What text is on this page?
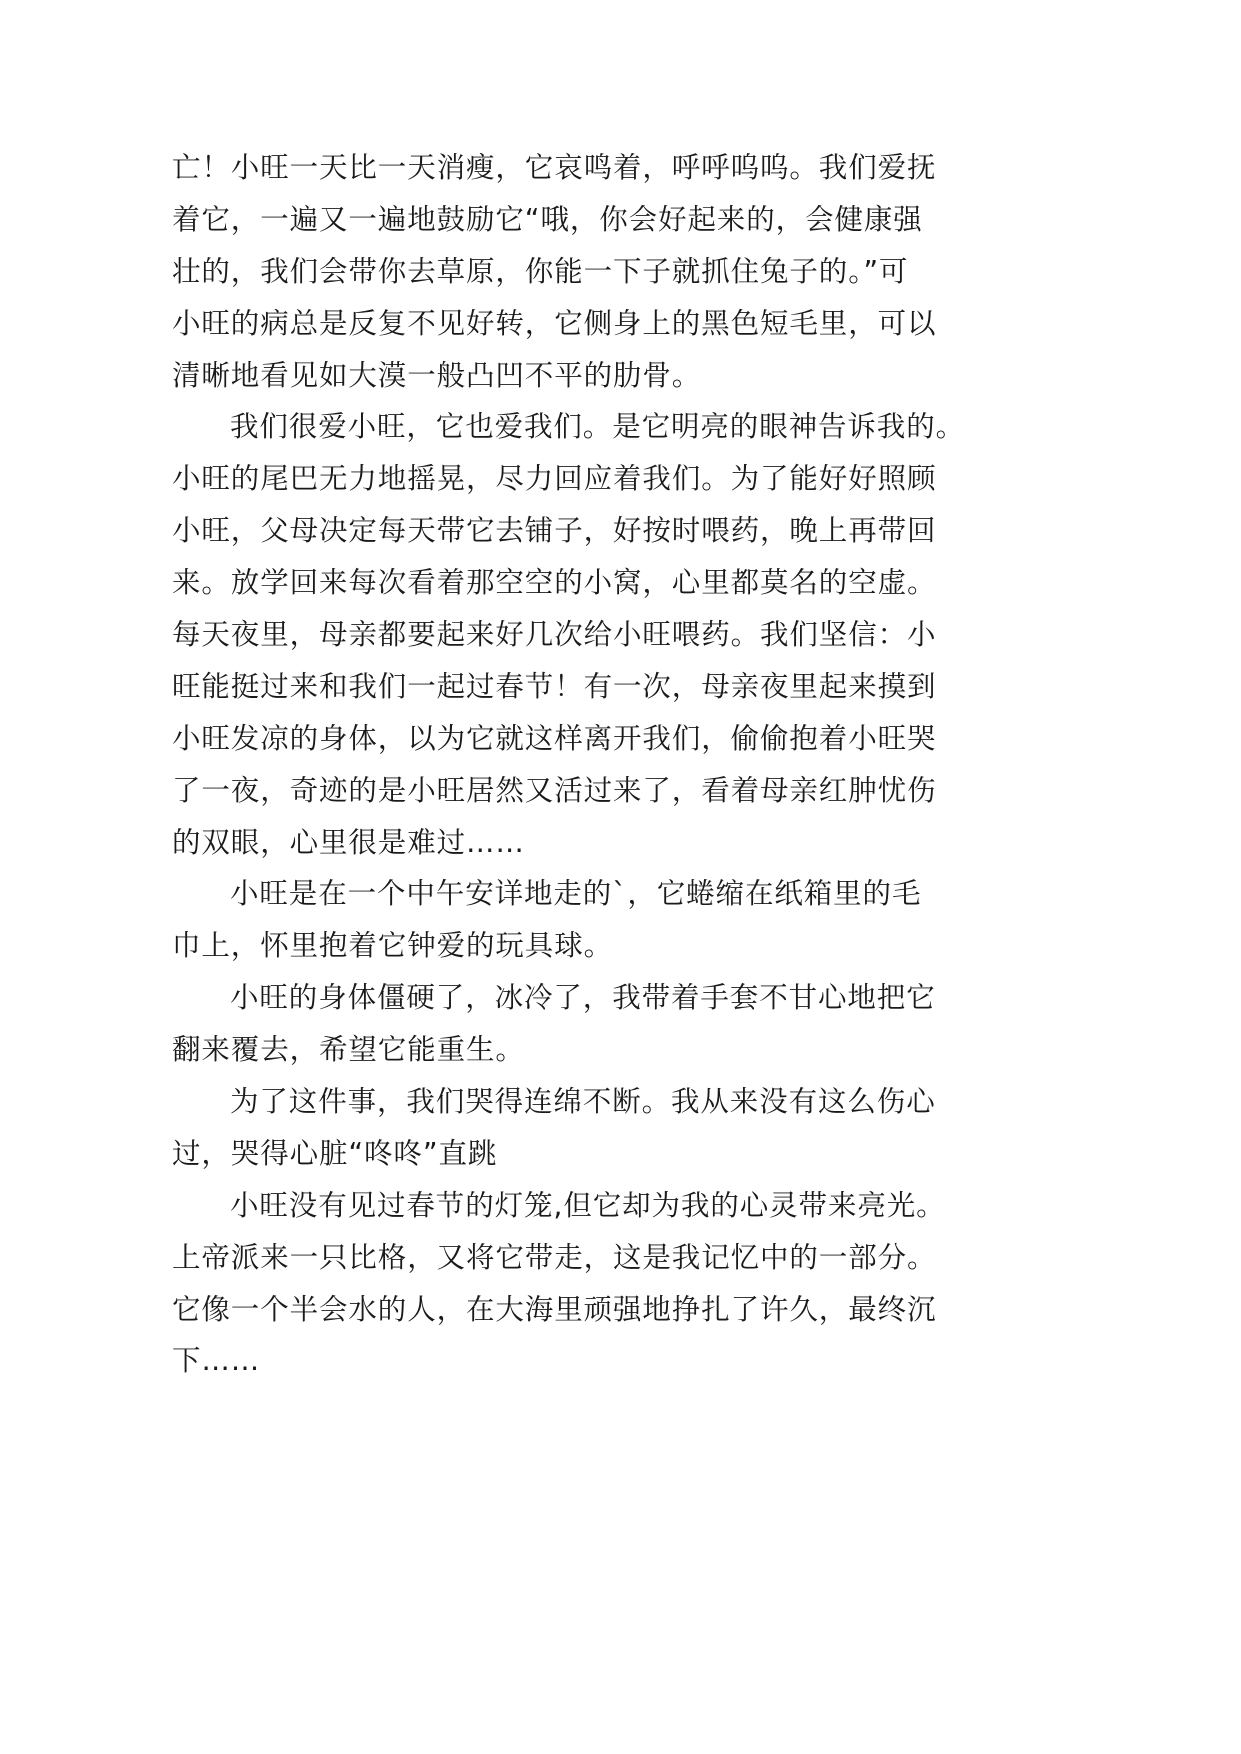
亡！小旺一天比一天消瘦，它哀鸣着，呼呼呜呜。我们爱抚
着它，一遍又一遍地鼓励它“哦，你会好起来的，会健康强
壮的，我们会带你去草原，你能一下子就抓住兔子的。”可
小旺的病总是反复不见好转，它侧身上的黑色短毛里，可以
清晰地看见如大漠一般凸凹不平的肋骨。
我们很爱小旺，它也爱我们。是它明亮的眼神告诉我的。
小旺的尾巴无力地摇晃，尽力回应着我们。为了能好好照顾
小旺，父母决定每天带它去铺子，好按时喂药，晚上再带回
来。放学回来每次看着那空空的小窝，心里都莫名的空虚。
每天夜里，母亲都要起来好几次给小旺喂药。我们坚信：小
旺能挺过来和我们一起过春节！有一次，母亲夜里起来摸到
小旺发凉的身体，以为它就这样离开我们，偷偷抱着小旺哭
了一夜，奇迹的是小旺居然又活过来了，看着母亲红肿忧伤
的双眼，心里很是难过……
小旺是在一个中午安详地走的`，它蜷缩在纸箱里的毛
巾上，怀里抱着它钟爱的玩具球。
小旺的身体僵硬了，冰冷了，我带着手套不甘心地把它
翻来覆去，希望它能重生。
为了这件事，我们哭得连绵不断。我从来没有这么伤心
过，哭得心脏“咚咚”直跳
小旺没有见过春节的灯笼,但它却为我的心灵带来亮光。
上帝派来一只比格，又将它带走，这是我记忆中的一部分。
它像一个半会水的人，在大海里顽强地挣扎了许久，最终沉
下……
